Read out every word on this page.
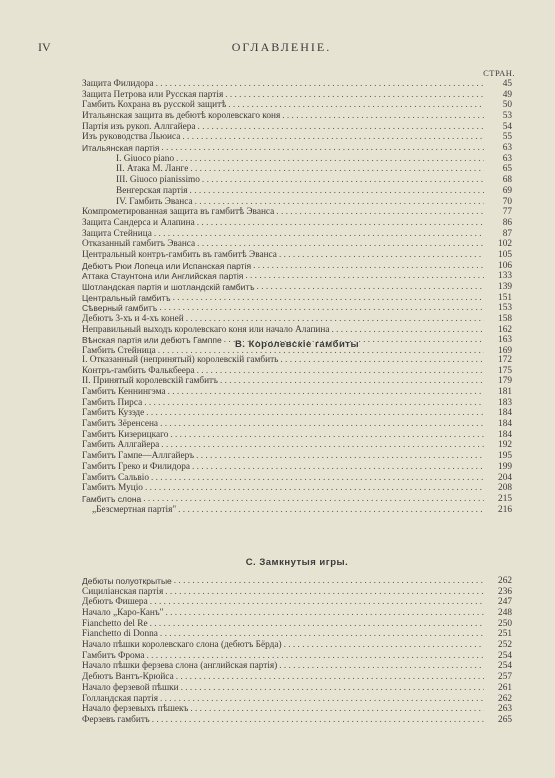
IV	ОГЛАВЛЕНІЕ.
СТРАН.
Защита Филидора . . .	45
Защита Петрова или Русская партія . . .	49
Гамбить Кохрана въ русской защитѣ . . .	50
Итальянская защита въ дебютѣ королевскаго коня . . .	53
Партія изъ рукоп. Аллгайера . . .	54
Изъ руководства Льюиса . . .	55
Итальянская партія . . .	63
I. Giuoco piano . . .	63
II. Атака М. Ланге . . .	65
III. Giuoco pianissimo . . .	68
Венгерская партія . . .	69
IV. Гамбить Эванса . . .	70
Компрометированная защита въ гамбитѣ Эванса . . .	77
Защита Сандерса и Алапина . . .	86
Защита Стейница . . .	87
Отказанный гамбитъ Эванса . . .	102
Центральный контръ-гамбить въ гамбитѣ Эванса . . .	105
Дебютъ Рюи Лопеца или Испанская партія . . .	106
Аттака Стаунтона или Английская партія . . .	133
Шотландская партія и шотландскій гамбитъ . . .	139
Центральный гамбитъ . . .	151
Сѣверный гамбитъ . . .	153
Дебютъ 3-хъ и 4-хъ коней . . .	158
Неправильный выходъ королевскаго коня или начало Алапина . . .	162
Вѣнская партія или дебютъ Гамппе . . .	163
Гамбить Стейница . . .	169
B. Королевскіе гамбиты
I. Отказанный (непринятый) королевскій гамбить . . .	172
Контръ-гамбить Фалькбеера . . .	175
II. Принятый королевскій гамбитъ . . .	179
Гамбитъ Кеннингэма . . .	181
Гамбить Пирса . . .	183
Гамбитъ Кузэде . . .	184
Гамбитъ Зёренсена . . .	184
Гамбитъ Кизерицкаго . . .	184
Гамбить Аллгайера . . .	192
Гамбитъ Гампе—Аллгайеръ . . .	195
Гамбитъ Греко и Филидора . . .	199
Гамбитъ Сальвіо . . .	204
Гамбитъ Муціо . . .	208
Гамбитъ слона . . .	215
„Безсмертная партія" . . .	216
C. Замкнутыя игры.
Дебюты полуоткрытые . . .	262
Сицилiанская партія . . .	236
Дебютъ Фишера . . .	247
Начало „Каро-Канъ" . . .	248
Fianchetto del Re . . .	250
Fianchetto di Donna . . .	251
Начало пѣшки королевскаго слона (дебютъ Бёрда) . . .	252
Гамбитъ Фрома . . .	254
Начало пѣшки ферзева слона (английская партія) . . .	254
Дебютъ Вантъ-Крюйса . . .	257
Начало ферзевой пѣшки . . .	261
Голландская партія . . .	262
Начало ферзевыхъ пѣшекъ . . .	263
Ферзевъ гамбитъ . . .	265
